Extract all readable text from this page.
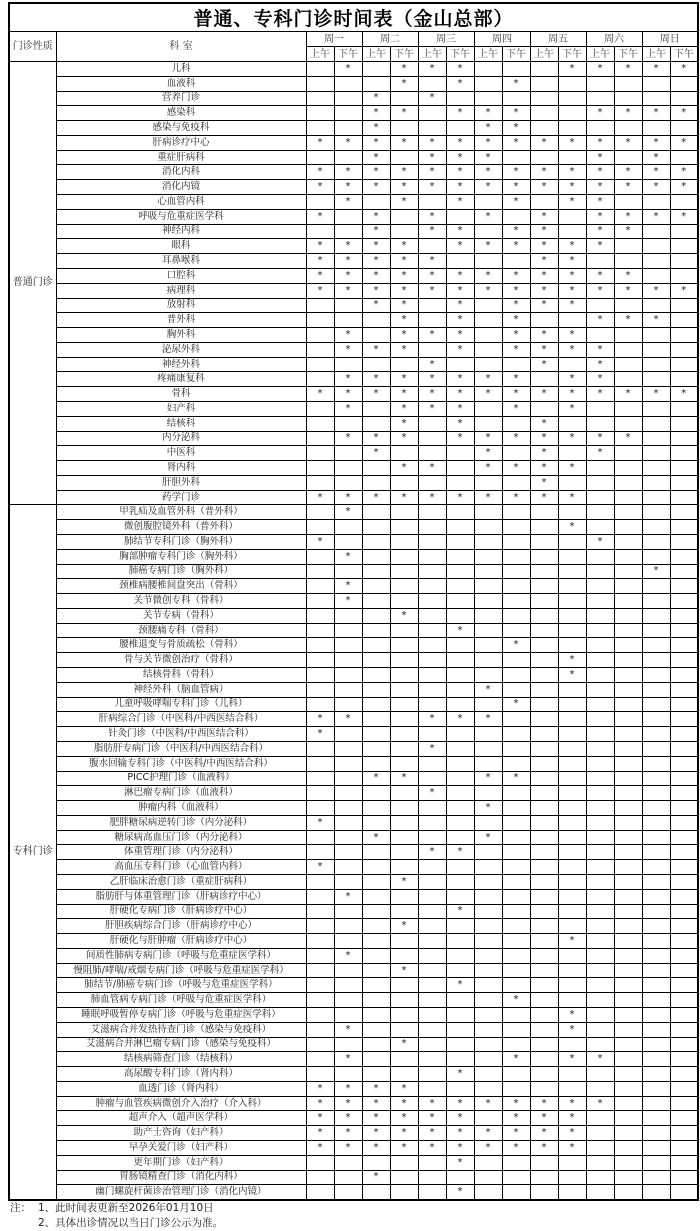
普通、专科门诊时间表（金山总部）															
门诊性质	科 室	周一		周二		周三		周四		周五		周六		周日	
		上午	下午	上午	下午	上午	下午	上午	下午	上午	下午	上午	下午	上午	下午
普通门诊	儿科		*		*	*	*				*	*	*	*	*
	血液科				*		*		*						
	营养门诊			*		*									
	感染科			*	*		*	*	*			*	*	*	*
	感染与免疫科			*				*	*						
	肝病诊疗中心	*	*	*	*	*	*	*	*	*	*	*	*	*	*
	重症肝病科			*		*	*	*				*		*	
	消化内科	*	*	*	*	*	*	*	*	*	*	*	*	*	*
	消化内镜	*	*	*	*	*	*	*	*	*	*	*	*	*	*
	心血管内科		*		*		*		*		*	*			
	呼吸与危重症医学科	*		*		*		*		*		*	*	*	*
	神经内科			*		*	*		*	*		*	*		
	眼科	*	*	*	*		*	*	*	*	*	*			
	耳鼻喉科	*	*	*	*	*				*	*				
	口腔科	*	*	*	*	*	*	*	*	*	*	*	*		
	病理科	*	*	*	*	*	*	*	*	*	*	*	*	*	*
	放射科			*	*		*		*	*	*				
	普外科				*		*		*			*	*	*	
	胸外科		*		*	*	*		*	*	*				
	泌尿外科		*	*	*		*		*	*	*	*			
	神经外科					*				*		*			
	疼痛康复科		*	*	*	*	*	*	*		*	*			
	骨科	*	*	*	*	*	*	*	*	*	*	*	*	*	*
	妇产科		*		*	*	*		*		*				
	结核科				*		*			*					
	内分泌科		*	*	*		*	*	*	*	*	*	*		
	中医科			*				*		*		*			
	肾内科				*	*		*	*	*	*				
	肝胆外科									*					
	药学门诊	*	*	*	*	*	*	*	*	*	*				
专科门诊	甲乳疝及血管外科（普外科）		*												
	微创腹腔镜外科（普外科）										*				
	肺结节专科门诊（胸外科）	*										*			
	胸部肿瘤专科门诊（胸外科）		*												
	肺癌专病门诊（胸外科）													*	
	颈椎病腰椎间盘突出（骨科）		*												
	关节微创专科（骨科）		*												
	关节专病（骨科）				*										
	颈腰痛专科（骨科）						*								
	腰椎退变与骨质疏松（骨科）								*						
	骨与关节微创治疗（骨科）										*				
	结核骨科（骨科）										*				
	神经外科（脑血管病）							*							
	儿童呼吸哮喘专科门诊（儿科）								*						
	肝病综合门诊（中医科/中西医结合科）	*	*			*	*	*							
	针灸门诊（中医科/中西医结合科）	*													
	脂肪肝专病门诊（中医科/中西医结合科）					*									
	腹水回输专科门诊（中医科/中西医结合科）														
	PICC护理门诊（血液科）			*	*			*	*						
	淋巴瘤专病门诊（血液科）					*									
	肿瘤内科（血液科）							*							
	肥胖糖尿病逆转门诊（内分泌科）	*													
	糖尿病高血压门诊（内分泌科）			*				*							
	体重管理门诊（内分泌科）					*	*								
	高血压专科门诊（心血管内科）	*													
	乙肝临床治愈门诊（重症肝病科）				*										
	脂肪肝与体重管理门诊（肝病诊疗中心）		*												
	肝硬化专病门诊（肝病诊疗中心）						*								
	肝胆疾病综合门诊（肝病诊疗中心）				*										
	肝硬化与肝肿瘤（肝病诊疗中心）										*				
	间质性肺病专病门诊（呼吸与危重症医学科）		*												
	慢阻肺/哮喘/戒烟专病门诊（呼吸与危重症医学科）				*										
	肺结节/肺癌专病门诊（呼吸与危重症医学科）						*								
	肺血管病专病门诊（呼吸与危重症医学科）								*						
	睡眠呼吸暂停专病门诊（呼吸与危重症医学科）										*				
	艾滋病合并发热待查门诊（感染与免疫科）		*								*				
	艾滋病合并淋巴瘤专病门诊（感染与免疫科）				*										
	结核病筛查门诊（结核科）		*						*		*	*			
	高尿酸专科门诊（肾内科）						*								
	血透门诊（肾内科）	*	*	*	*										
	肿瘤与血管疾病微创介入治疗（介入科）	*	*	*	*	*	*	*	*	*	*	*			
	超声介入（超声医学科）	*	*	*	*	*	*		*	*	*				
	助产士咨询（妇产科）	*	*	*	*	*	*	*	*	*	*				
	早孕关爱门诊（妇产科）	*	*	*	*	*	*	*	*	*	*				
	更年期门诊（妇产科）						*								
	胃肠镜精查门诊（消化内科）			*											
	幽门螺旋杆菌诊治管理门诊（消化内镜）						*								
注： 1、此时间表更新至2026年01月10日
2、具体出诊情况以当日门诊公示为准。
